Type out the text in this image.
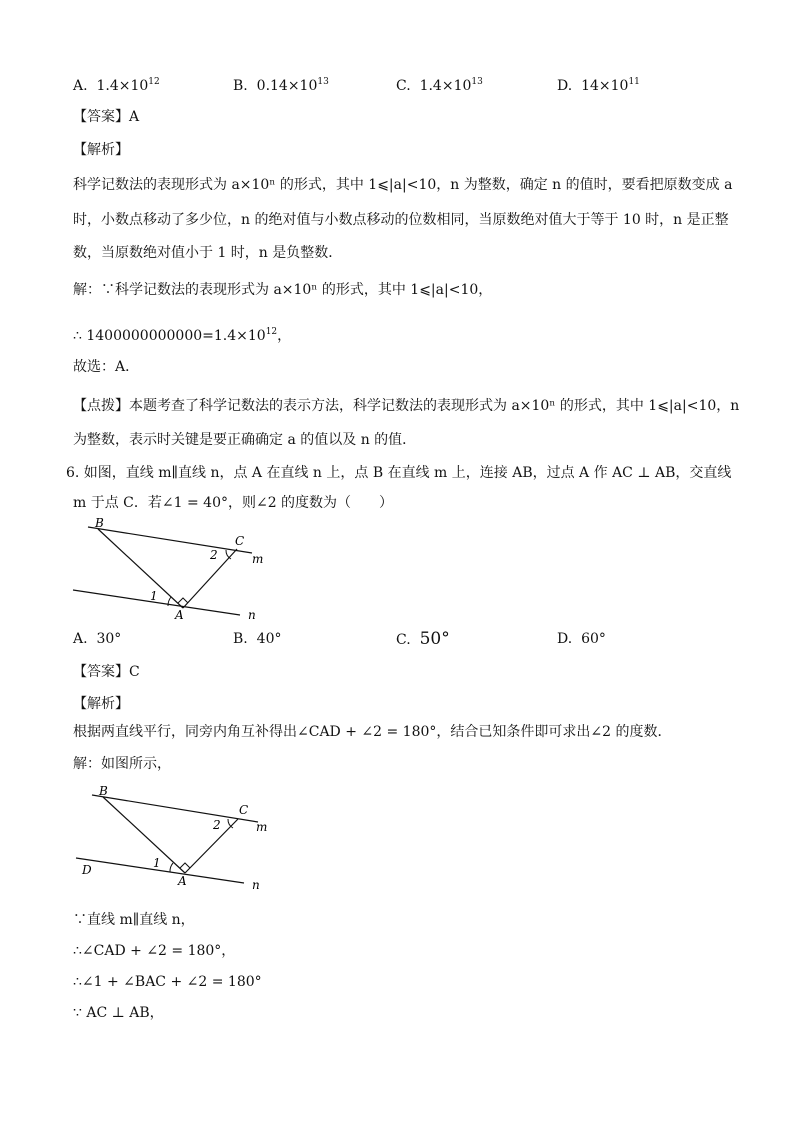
A. $1.4\times 10^{12}$	B. $0.14\times 10^{13}$	C. $1.4\times 10^{13}$	D. $14\times 10^{11}$
【答案】A
【解析】
科学记数法的表现形式为 a×10ⁿ 的形式，其中 1⩽|a|<10，n 为整数，确定 n 的值时，要看把原数变成 a
时，小数点移动了多少位，n 的绝对值与小数点移动的位数相同，当原数绝对值大于等于 10 时，n 是正整
数，当原数绝对值小于 1 时，n 是负整数．
解：∵科学记数法的表现形式为 a×10ⁿ 的形式，其中 1⩽|a|<10，
∴ $1400000000000=1.4\times 10^{12}$，
故选：A．
【点拨】本题考查了科学记数法的表示方法，科学记数法的表现形式为 a×10ⁿ 的形式，其中 1⩽|a|<10，n
为整数，表示时关键是要正确确定 a 的值以及 n 的值．
6. 如图，直线 m∥直线 n，点 A 在直线 n 上，点 B 在直线 m 上，连接 AB，过点 A 作 AC ⊥ AB，交直线
m 于点 C．若∠1 = 40°，则∠2 的度数为（　　）
B
C
m
n
A
1
2
A. 30°	B. 40°	C. 50°	D. 60°
【答案】C
【解析】
根据两直线平行，同旁内角互补得出∠CAD + ∠2 = 180°，结合已知条件即可求出∠2 的度数．
解：如图所示，
B
C
m
n
A
D	1
2
∵直线 m∥直线 n，
∴∠CAD + ∠2 = 180°，
∴∠1 + ∠BAC + ∠2 = 180°
∵ AC ⊥ AB，
